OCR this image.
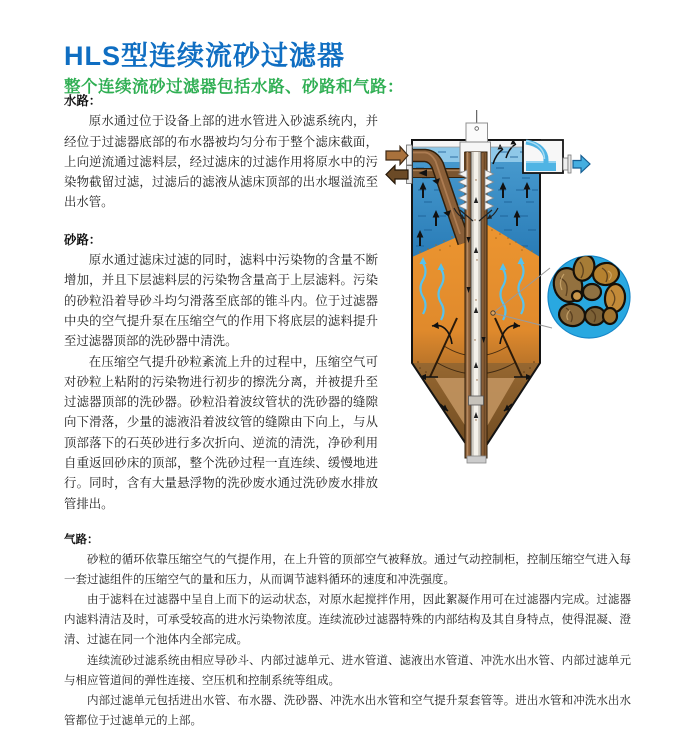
HLS型连续流砂过滤器
整个连续流砂过滤器包括水路、砂路和气路：

水路：

原水通过位于设备上部的进水管进入砂滤系统内，并经位于过滤器底部的布水器被均匀分布于整个滤床截面，上向逆流通过滤料层，经过滤床的过滤作用将原水中的污染物截留过滤，过滤后的滤液从滤床顶部的出水堰溢流至出水管。

砂路：

原水通过滤床过滤的同时，滤料中污染物的含量不断增加，并且下层滤料层的污染物含量高于上层滤料。污染的砂粒沿着导砂斗均匀滑落至底部的锥斗内。位于过滤器中央的空气提升泵在压缩空气的作用下将底层的滤料提升至过滤器顶部的洗砂器中清洗。

在压缩空气提升砂粒紊流上升的过程中，压缩空气可对砂粒上粘附的污染物进行初步的擦洗分离，并被提升至过滤器顶部的洗砂器。砂粒沿着波纹管状的洗砂器的缝隙向下滑落，少量的滤液沿着波纹管的缝隙由下向上，与从顶部落下的石英砂进行多次折向、逆流的清洗，净砂利用自重返回砂床的顶部，整个洗砂过程一直连续、缓慢地进行。同时，含有大量悬浮物的洗砂废水通过洗砂废水排放管排出。

气路：

砂粒的循环依靠压缩空气的气提作用，在上升管的顶部空气被释放。通过气动控制柜，控制压缩空气进入每一套过滤组件的压缩空气的量和压力，从而调节滤料循环的速度和冲洗强度。

由于滤料在过滤器中呈自上而下的运动状态，对原水起搅拌作用，因此絮凝作用可在过滤器内完成。过滤器内滤料清洁及时，可承受较高的进水污染物浓度。连续流砂过滤器特殊的内部结构及其自身特点，使得混凝、澄清、过滤在同一个池体内全部完成。

连续流砂过滤系统由相应导砂斗、内部过滤单元、进水管道、滤液出水管道、冲洗水出水管、内部过滤单元与相应管道间的弹性连接、空压机和控制系统等组成。

内部过滤单元包括进出水管、布水器、洗砂器、冲洗水出水管和空气提升泵套管等。进出水管和冲洗水出水管都位于过滤单元的上部。
